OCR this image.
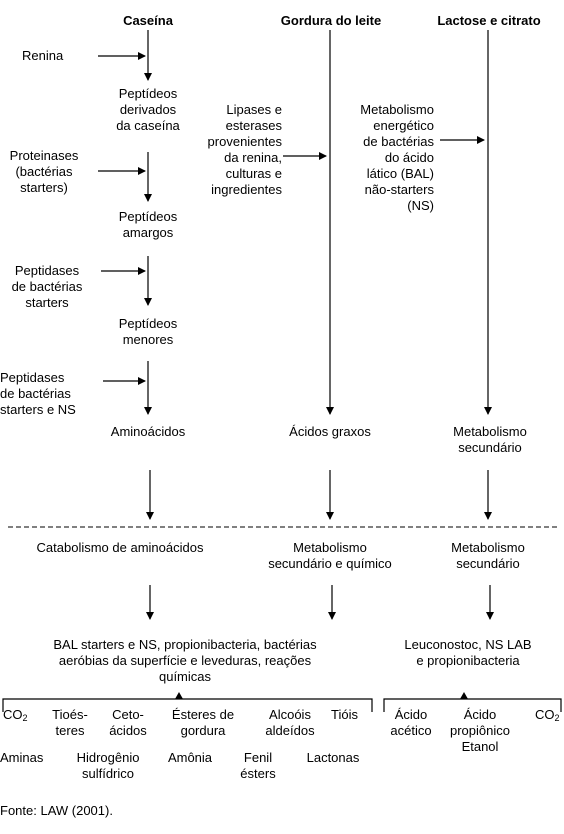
Caseína	Gordura do leite	Lactose e citrato
Renina
Peptídeos
derivados
da caseína
Proteinases
(bactérias
starters)
Peptídeos
amargos
Peptidases
de bactérias
starters
Peptídeos
menores
Peptidases
de bactérias
starters e NS
Aminoácidos
Lipases e
esterases
provenientes
da renina,
culturas e
ingredientes
Ácidos graxos
Metabolismo
energético
de bactérias
do ácido
lático (BAL)
não-starters
(NS)
Metabolismo
secundário
Catabolismo de aminoácidos	Metabolismo
secundário e químico
Metabolismo
secundário
BAL starters e NS, propionibacteria, bactérias
aeróbias da superfície e leveduras, reações
químicas
Leuconostoc, NS LAB
e propionibacteria
$CO_2$	Tioés-
teres
Ceto-
ácidos
Ésteres de
gordura
Alcoóis
aldeídos
Tióis
Aminas	Hidrogênio
sulfídrico
Amônia	Fenil
ésters
Lactonas
Ácido
acético
Ácido
propiônico
Etanol
$CO_2$
Fonte: LAW (2001).
